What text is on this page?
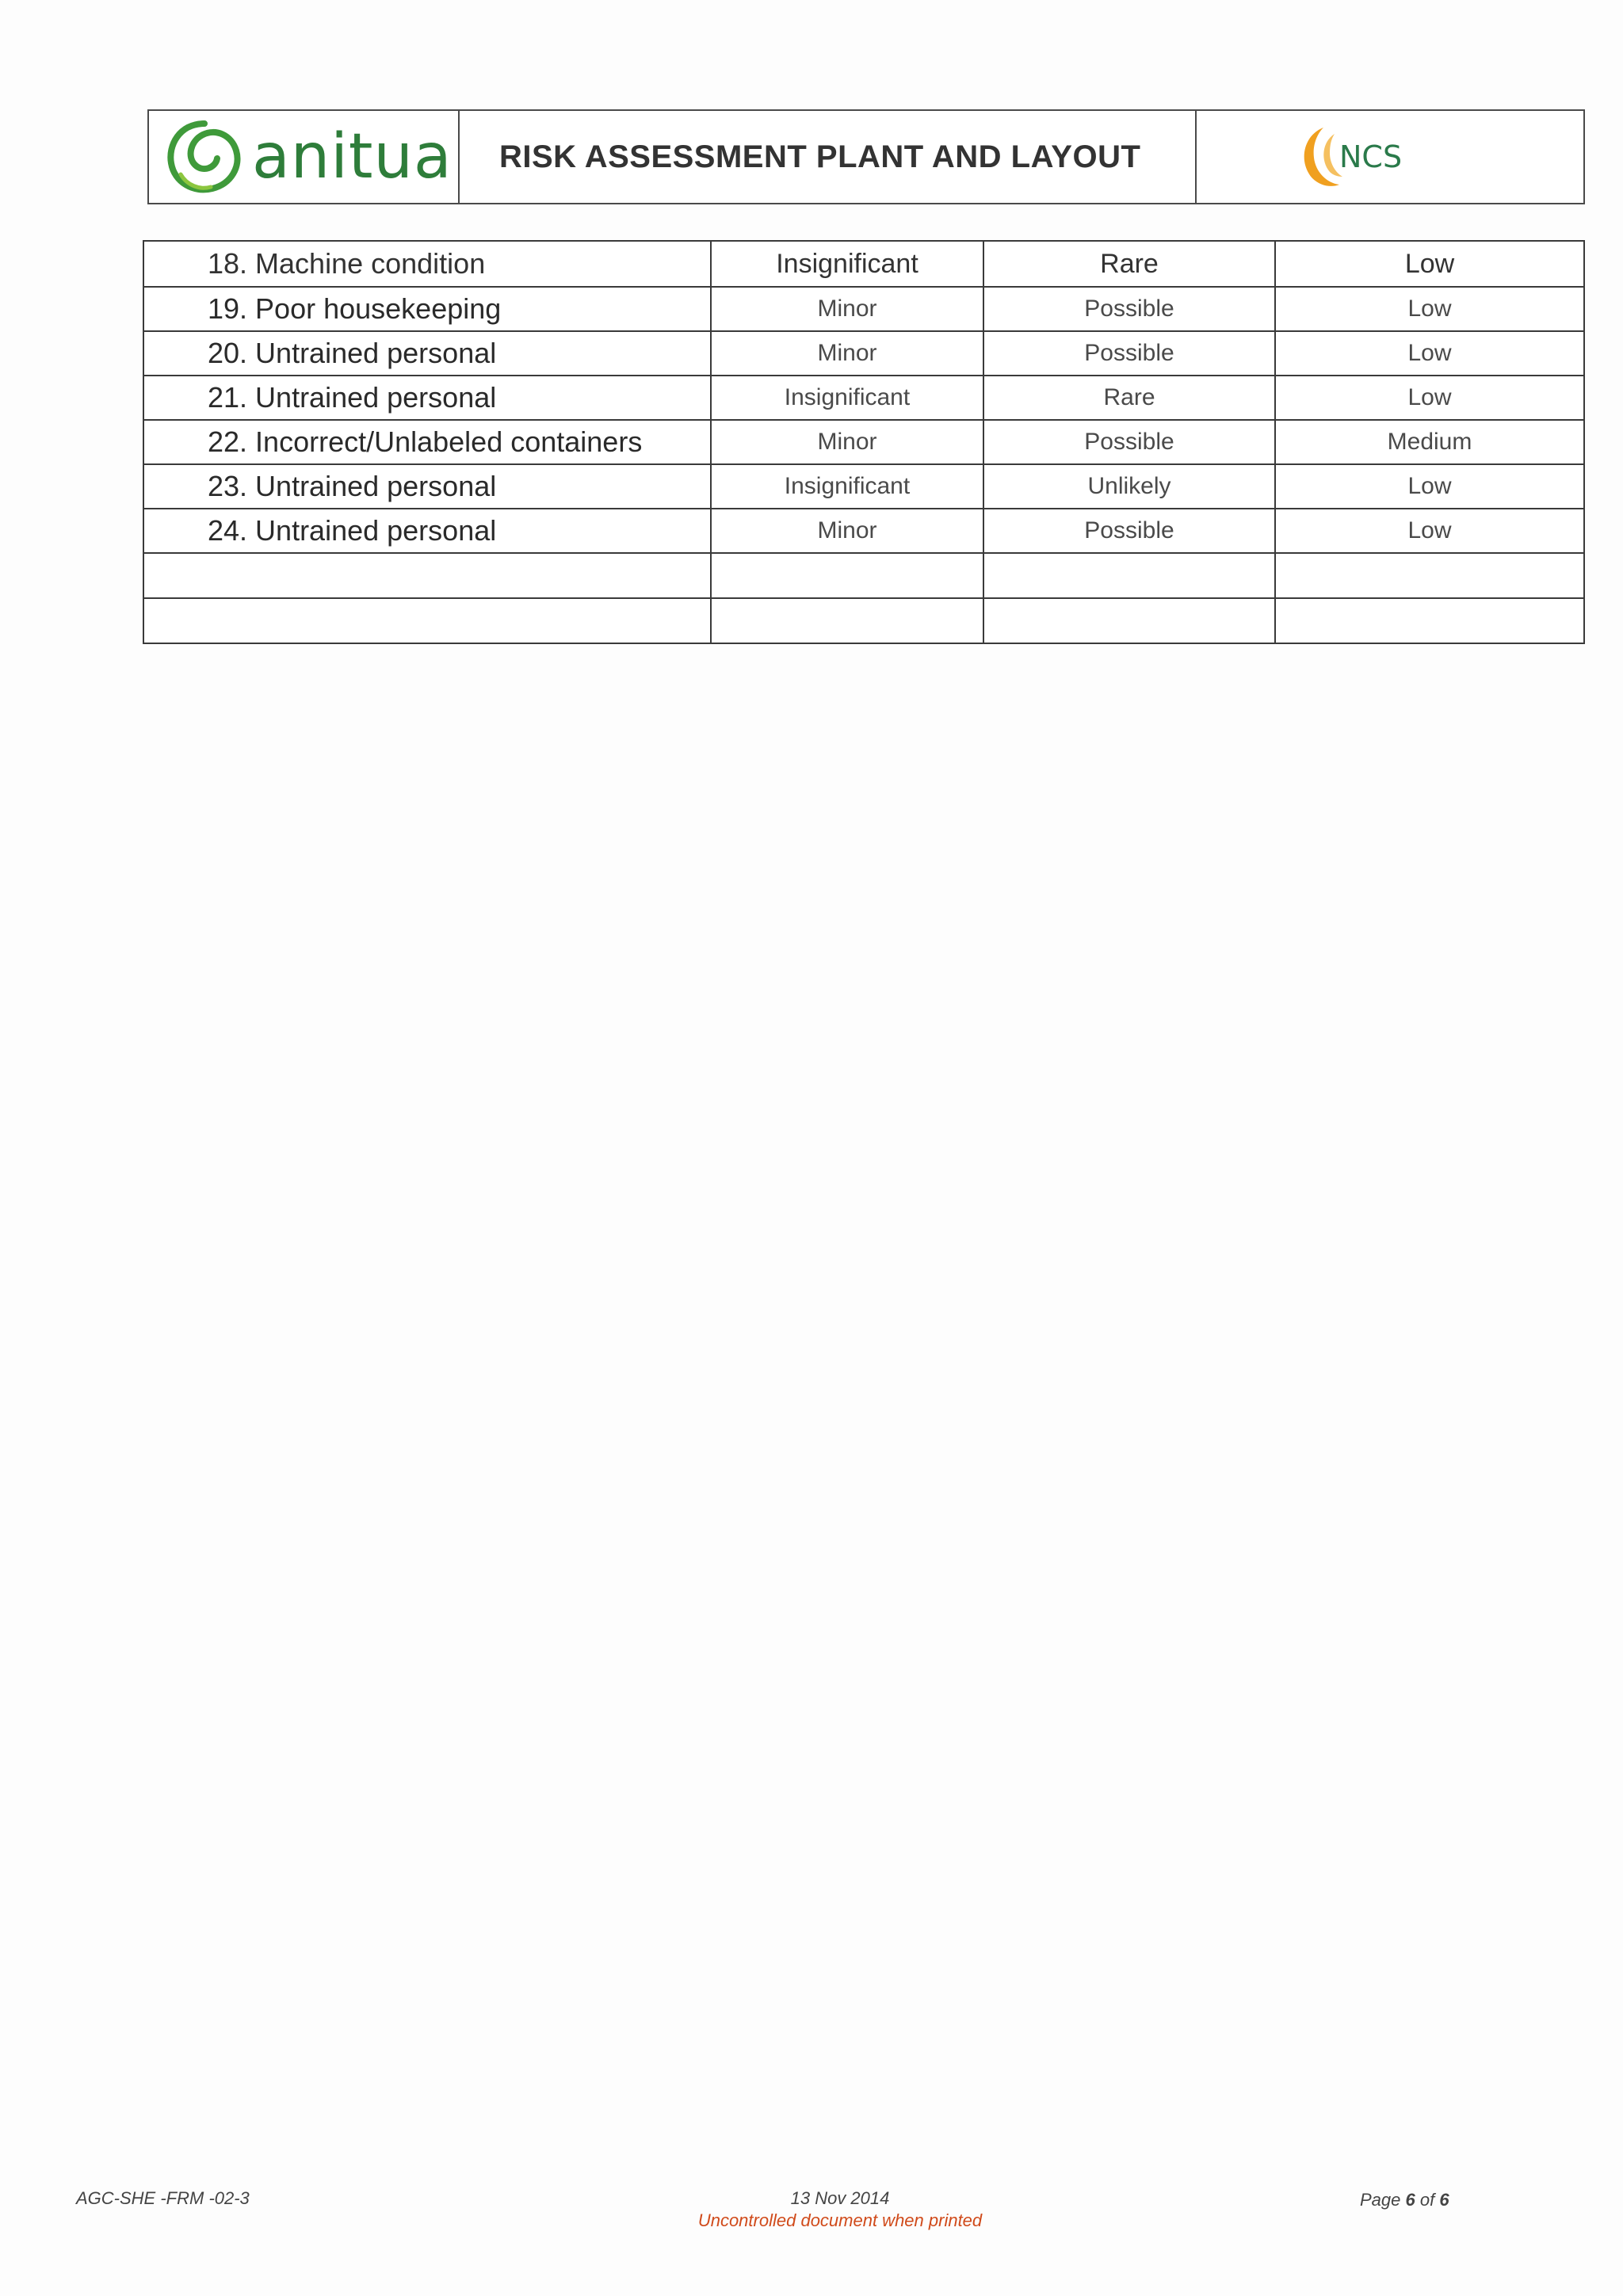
anitua RISK ASSESSMENT PLANT AND LAYOUT	NCS
18. Machine condition	Insignificant	Rare	Low
19. Poor housekeeping	Minor	Possible	Low
20. Untrained personal	Minor	Possible	Low
21. Untrained personal	Insignificant	Rare	Low
22. Incorrect/Unlabeled containers	Minor	Possible	Medium
23. Untrained personal	Insignificant	Unlikely	Low
24. Untrained personal	Minor	Possible	Low

AGC-SHE -FRM -02-3	13 Nov 2014
Uncontrolled document when printed
Page 6 of 6
